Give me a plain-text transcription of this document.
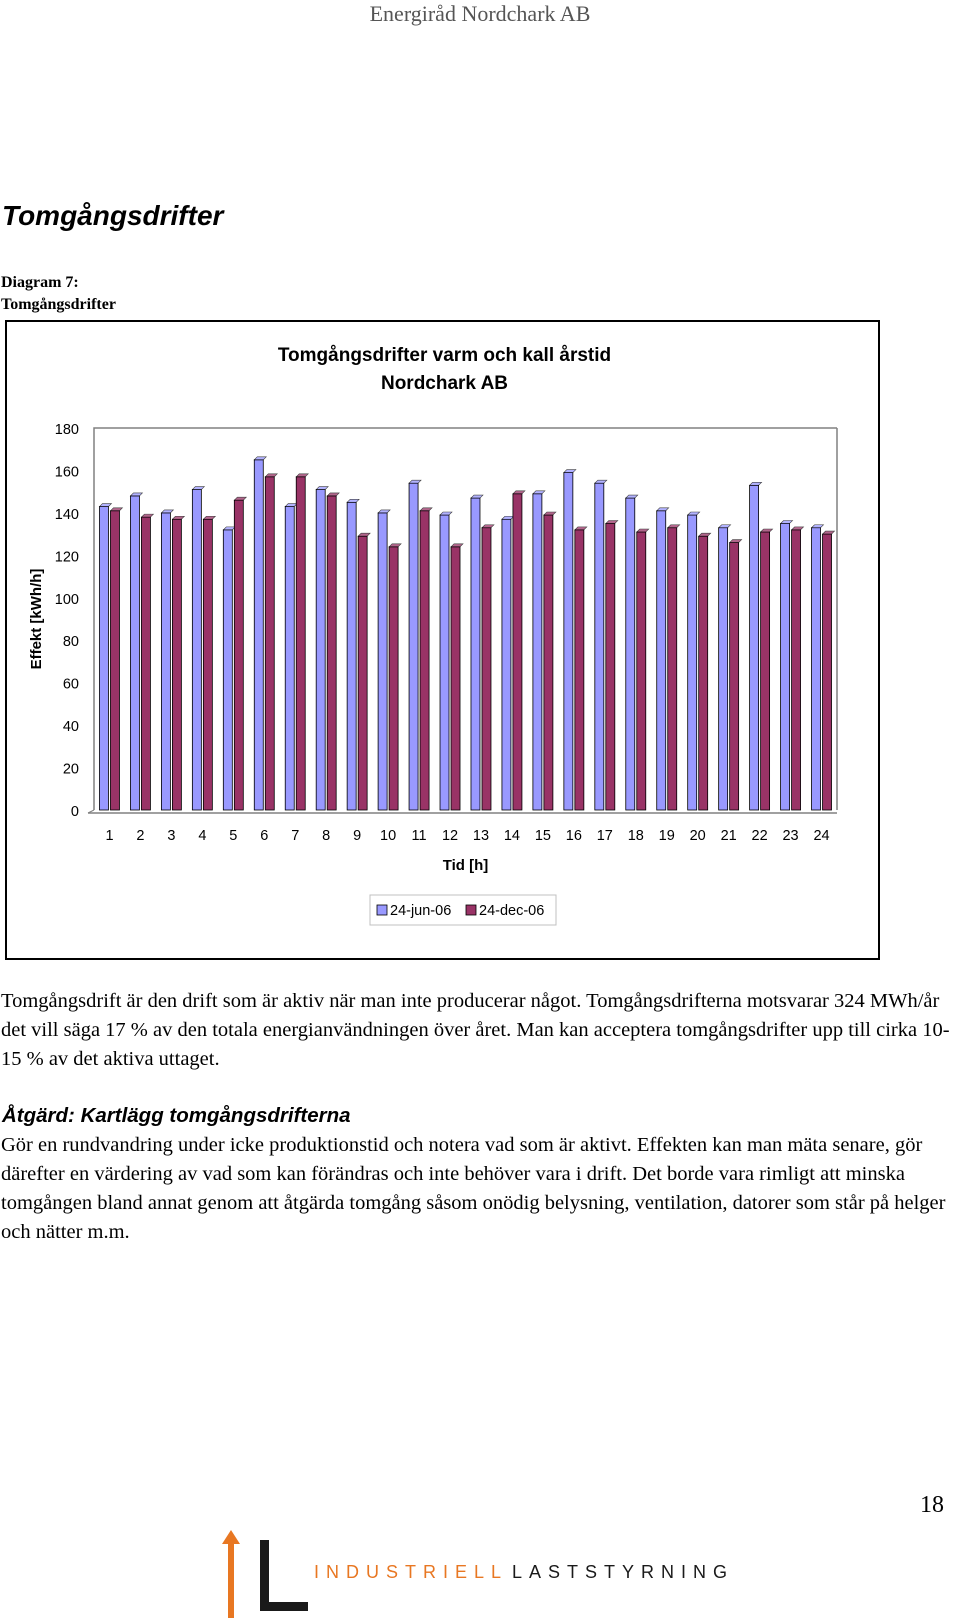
Energiråd Nordchark AB
Tomgångsdrifter
Diagram 7:
Tomgångsdrifter
Tomgångsdrifter varm och kall årstid
Nordchark AB
0
20
40
60
80
100
120
140
160
180
Effekt [kWh/h]
1 2 3 4 5 6 7 8 9 10 11 12 13 14 15 16 17 18 19 20 21 22 23 24
Tid [h]
24-jun-06 24-dec-06

Tomgångsdrift är den drift som är aktiv när man inte producerar något. Tomgångsdrifterna motsvarar 324 MWh/år det vill säga 17 % av den totala energianvändningen över året. Man kan acceptera tomgångsdrifter upp till cirka 10-15 % av det aktiva uttaget.

Åtgärd: Kartlägg tomgångsdrifterna

Gör en rundvandring under icke produktionstid och notera vad som är aktivt. Effekten kan man mäta senare, gör därefter en värdering av vad som kan förändras och inte behöver vara i drift. Det borde vara rimligt att minska tomgången bland annat genom att åtgärda tomgång såsom onödig belysning, ventilation, datorer som står på helger och nätter m.m.

18
INDUSTRIELL LASTSTYRNING
